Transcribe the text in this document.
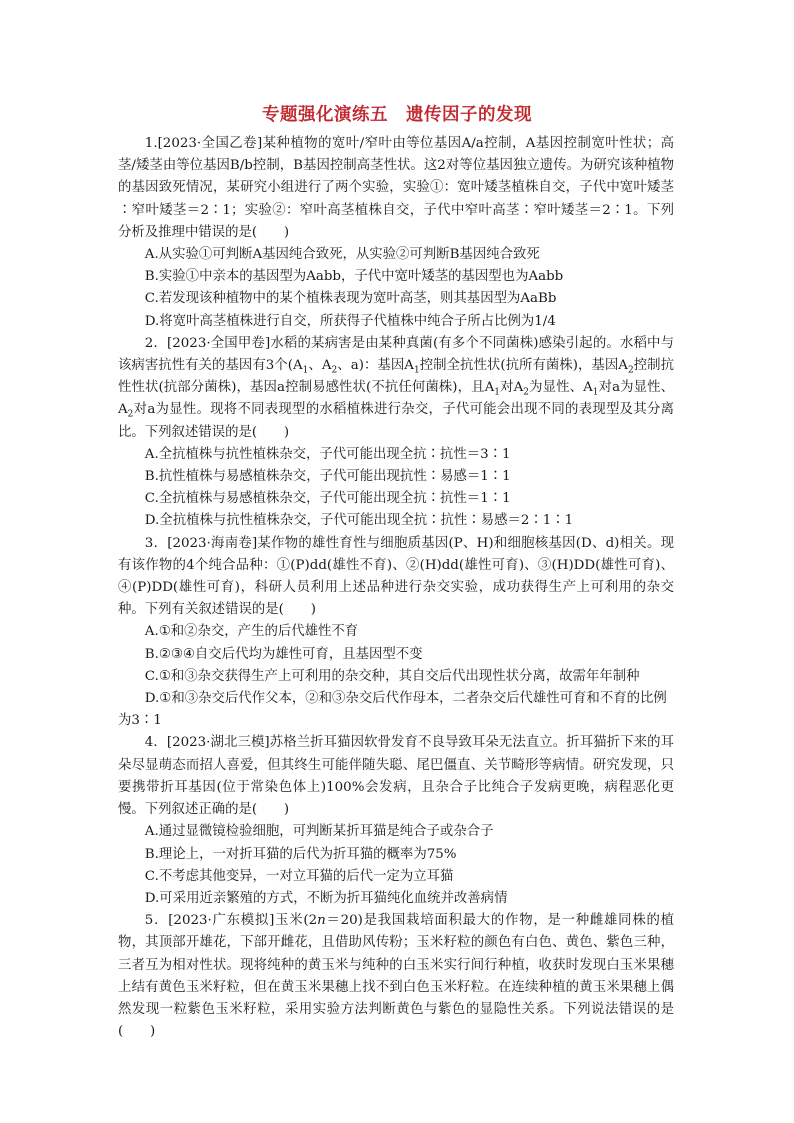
专题强化演练五　遗传因子的发现

1.[2023·全国乙卷]某种植物的宽叶/窄叶由等位基因A/a控制，A基因控制宽叶性状；高茎/矮茎由等位基因B/b控制，B基因控制高茎性状。这2对等位基因独立遗传。为研究该种植物的基因致死情况，某研究小组进行了两个实验，实验①：宽叶矮茎植株自交，子代中宽叶矮茎∶窄叶矮茎＝2∶1；实验②：窄叶高茎植株自交，子代中窄叶高茎∶窄叶矮茎＝2∶1。下列分析及推理中错误的是(　　)

A.从实验①可判断A基因纯合致死，从实验②可判断B基因纯合致死

B.实验①中亲本的基因型为Aabb，子代中宽叶矮茎的基因型也为Aabb

C.若发现该种植物中的某个植株表现为宽叶高茎，则其基因型为AaBb

D.将宽叶高茎植株进行自交，所获得子代植株中纯合子所占比例为1/4

2．[2023·全国甲卷]水稻的某病害是由某种真菌(有多个不同菌株)感染引起的。水稻中与该病害抗性有关的基因有3个($A_1$、$A_2$、a)：基因$A_1$控制全抗性状(抗所有菌株)，基因$A_2$控制抗性性状(抗部分菌株)，基因a控制易感性状(不抗任何菌株)，且$A_1$对$A_2$为显性、$A_1$对a为显性、$A_2$对a为显性。现将不同表现型的水稻植株进行杂交，子代可能会出现不同的表现型及其分离比。下列叙述错误的是(　　)

A.全抗植株与抗性植株杂交，子代可能出现全抗∶抗性＝3∶1

B.抗性植株与易感植株杂交，子代可能出现抗性∶易感＝1∶1

C.全抗植株与易感植株杂交，子代可能出现全抗∶抗性＝1∶1

D.全抗植株与抗性植株杂交，子代可能出现全抗∶抗性∶易感＝2∶1∶1

3．[2023·海南卷]某作物的雄性育性与细胞质基因(P、H)和细胞核基因(D、d)相关。现有该作物的4个纯合品种：①(P)dd(雄性不育)、②(H)dd(雄性可育)、③(H)DD(雄性可育)、④(P)DD(雄性可育)，科研人员利用上述品种进行杂交实验，成功获得生产上可利用的杂交种。下列有关叙述错误的是(　　)

A.①和②杂交，产生的后代雄性不育

B.②③④自交后代均为雄性可育，且基因型不变

C.①和③杂交获得生产上可利用的杂交种，其自交后代出现性状分离，故需年年制种

D.①和③杂交后代作父本，②和③杂交后代作母本，二者杂交后代雄性可育和不育的比例为3∶1

4．[2023·湖北三模]苏格兰折耳猫因软骨发育不良导致耳朵无法直立。折耳猫折下来的耳朵尽显萌态而招人喜爱，但其终生可能伴随失聪、尾巴僵直、关节畸形等病情。研究发现，只要携带折耳基因(位于常染色体上)100%会发病，且杂合子比纯合子发病更晚，病程恶化更慢。下列叙述正确的是(　　)

A.通过显微镜检验细胞，可判断某折耳猫是纯合子或杂合子

B.理论上，一对折耳猫的后代为折耳猫的概率为75%

C.不考虑其他变异，一对立耳猫的后代一定为立耳猫

D.可采用近亲繁殖的方式，不断为折耳猫纯化血统并改善病情

5．[2023·广东模拟]玉米(2n＝20)是我国栽培面积最大的作物，是一种雌雄同株的植物，其顶部开雄花，下部开雌花，且借助风传粉；玉米籽粒的颜色有白色、黄色、紫色三种，三者互为相对性状。现将纯种的黄玉米与纯种的白玉米实行间行种植，收获时发现白玉米果穗上结有黄色玉米籽粒，但在黄玉米果穗上找不到白色玉米籽粒。在连续种植的黄玉米果穗上偶然发现一粒紫色玉米籽粒，采用实验方法判断黄色与紫色的显隐性关系。下列说法错误的是(　　)
